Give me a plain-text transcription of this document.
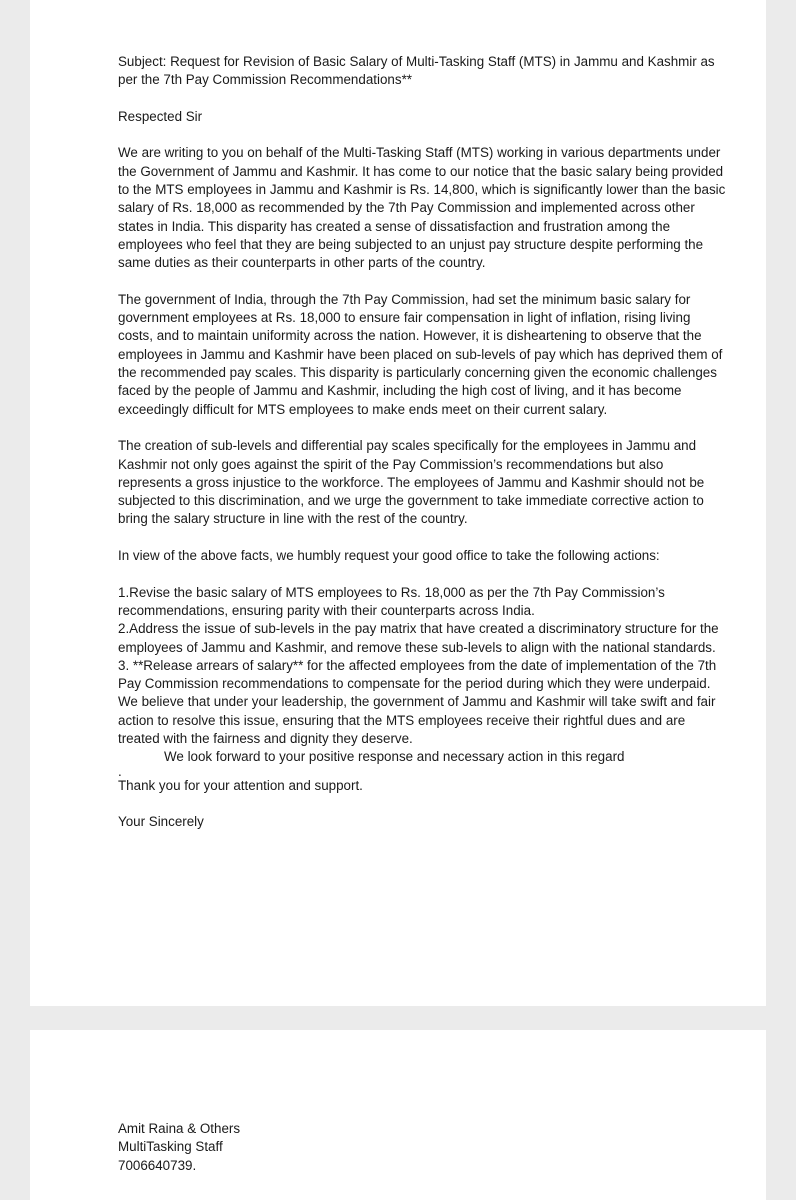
Subject: Request for Revision of Basic Salary of Multi-Tasking Staff (MTS) in Jammu and Kashmir as per the 7th Pay Commission Recommendations**

Respected Sir

We are writing to you on behalf of the Multi-Tasking Staff (MTS) working in various departments under the Government of Jammu and Kashmir. It has come to our notice that the basic salary being provided to the MTS employees in Jammu and Kashmir is Rs. 14,800, which is significantly lower than the basic salary of Rs. 18,000 as recommended by the 7th Pay Commission and implemented across other states in India. This disparity has created a sense of dissatisfaction and frustration among the employees who feel that they are being subjected to an unjust pay structure despite performing the same duties as their counterparts in other parts of the country.

The government of India, through the 7th Pay Commission, had set the minimum basic salary for government employees at Rs. 18,000 to ensure fair compensation in light of inflation, rising living costs, and to maintain uniformity across the nation. However, it is disheartening to observe that the employees in Jammu and Kashmir have been placed on sub-levels of pay which has deprived them of the recommended pay scales. This disparity is particularly concerning given the economic challenges faced by the people of Jammu and Kashmir, including the high cost of living, and it has become exceedingly difficult for MTS employees to make ends meet on their current salary.

The creation of sub-levels and differential pay scales specifically for the employees in Jammu and Kashmir not only goes against the spirit of the Pay Commission’s recommendations but also represents a gross injustice to the workforce. The employees of Jammu and Kashmir should not be subjected to this discrimination, and we urge the government to take immediate corrective action to bring the salary structure in line with the rest of the country.

In view of the above facts, we humbly request your good office to take the following actions:

1.Revise the basic salary of MTS employees to Rs. 18,000 as per the 7th Pay Commission’s recommendations, ensuring parity with their counterparts across India.

2.Address the issue of sub-levels in the pay matrix that have created a discriminatory structure for the employees of Jammu and Kashmir, and remove these sub-levels to align with the national standards.

3. **Release arrears of salary** for the affected employees from the date of implementation of the 7th Pay Commission recommendations to compensate for the period during which they were underpaid.

We believe that under your leadership, the government of Jammu and Kashmir will take swift and fair action to resolve this issue, ensuring that the MTS employees receive their rightful dues and are treated with the fairness and dignity they deserve.

We look forward to your positive response and necessary action in this regard

.

Thank you for your attention and support.

Your Sincerely

Amit Raina & Others
MultiTasking Staff
7006640739.
